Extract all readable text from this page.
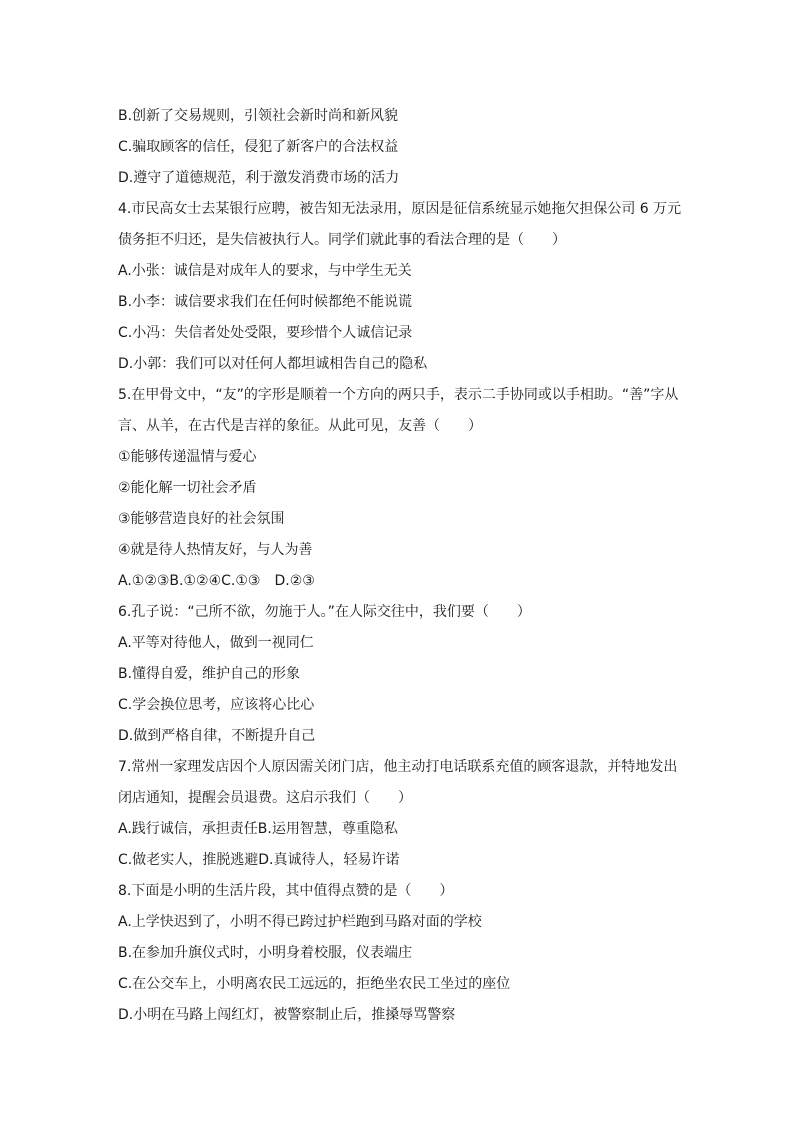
B.创新了交易规则，引领社会新时尚和新风貌
C.骗取顾客的信任，侵犯了新客户的合法权益
D.遵守了道德规范，利于激发消费市场的活力
4.市民高女士去某银行应聘，被告知无法录用，原因是征信系统显示她拖欠担保公司 6 万元
债务拒不归还，是失信被执行人。同学们就此事的看法合理的是（　　）
A.小张：诚信是对成年人的要求，与中学生无关
B.小李：诚信要求我们在任何时候都绝不能说谎
C.小冯：失信者处处受限，要珍惜个人诚信记录
D.小郭：我们可以对任何人都坦诚相告自己的隐私
5.在甲骨文中，“友”的字形是顺着一个方向的两只手，表示二手协同或以手相助。“善”字从
言、从羊，在古代是吉祥的象征。从此可见，友善（　　）
①能够传递温情与爱心
②能化解一切社会矛盾
③能够营造良好的社会氛围
④就是待人热情友好，与人为善
A.①②③B.①②④C.①③　D.②③
6.孔子说：“己所不欲，勿施于人。”在人际交往中，我们要（　　）
A.平等对待他人，做到一视同仁
B.懂得自爱，维护自己的形象
C.学会换位思考，应该将心比心
D.做到严格自律，不断提升自己
7.常州一家理发店因个人原因需关闭门店，他主动打电话联系充值的顾客退款，并特地发出
闭店通知，提醒会员退费。这启示我们（　　）
A.践行诚信，承担责任B.运用智慧，尊重隐私
C.做老实人，推脱逃避D.真诚待人，轻易许诺
8.下面是小明的生活片段，其中值得点赞的是（　　）
A.上学快迟到了，小明不得已跨过护栏跑到马路对面的学校
B.在参加升旗仪式时，小明身着校服，仪表端庄
C.在公交车上，小明离农民工远远的，拒绝坐农民工坐过的座位
D.小明在马路上闯红灯，被警察制止后，推搡辱骂警察
